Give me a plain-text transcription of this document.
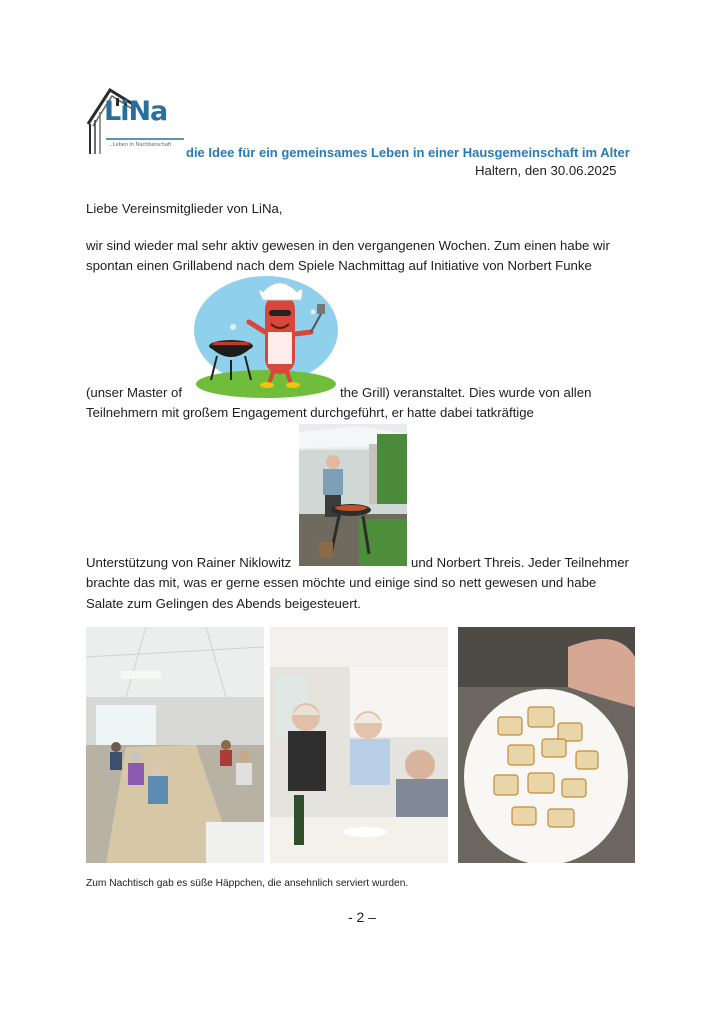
LiNa
...Leben In Nachbarschaft die Idee für ein gemeinsames Leben in einer Hausgemeinschaft im Alter
Haltern, den 30.06.2025
Liebe Vereinsmitglieder von LiNa,
wir sind wieder mal sehr aktiv gewesen in den vergangenen Wochen. Zum einen habe wir
spontan einen Grillabend nach dem Spiele Nachmittag auf Initiative von Norbert Funke
(unser Master of	the Grill) veranstaltet. Dies wurde von allen
Teilnehmern mit großem Engagement durchgeführt, er hatte dabei tatkräftige
Unterstützung von Rainer Niklowitz	und Norbert Threis. Jeder Teilnehmer
brachte das mit, was er gerne essen möchte und einige sind so nett gewesen und habe
Salate zum Gelingen des Abends beigesteuert.
Zum Nachtisch gab es süße Häppchen, die ansehnlich serviert wurden.
- 2 –
